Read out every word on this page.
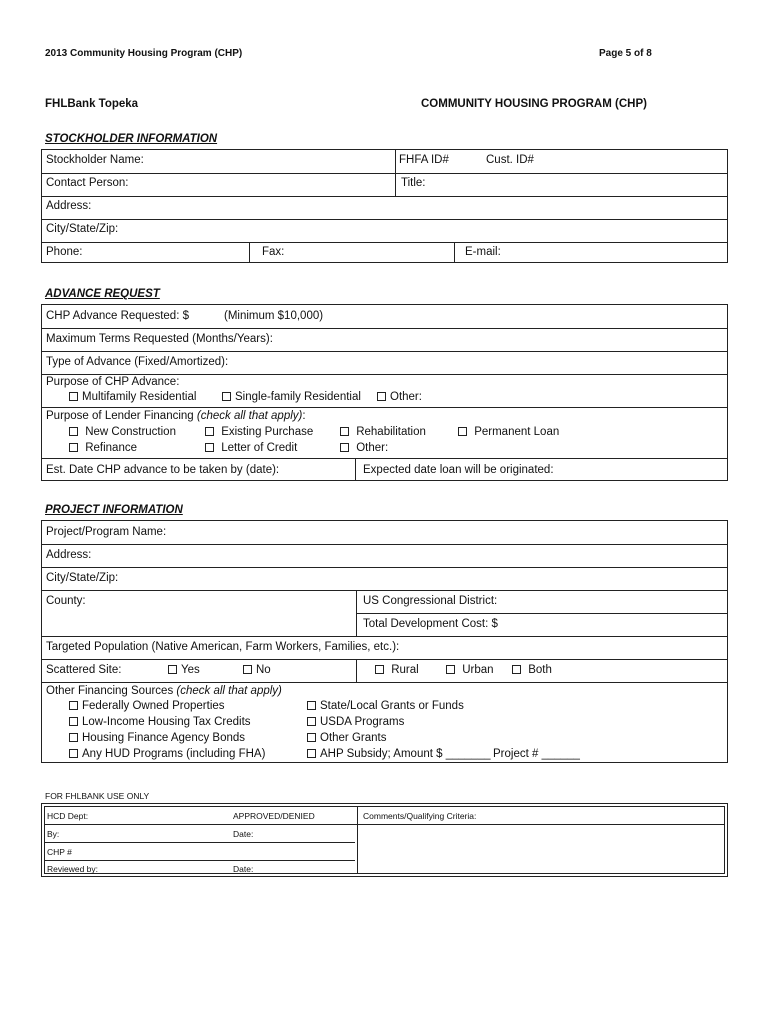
2013 Community Housing Program (CHP)	Page 5 of 8
FHLBank Topeka	COMMUNITY HOUSING PROGRAM (CHP)
STOCKHOLDER INFORMATION
Stockholder Name:	FHFA ID#	Cust. ID#
Contact Person:	Title:
Address:
City/State/Zip:
Phone:	Fax:	E-mail:
ADVANCE REQUEST
CHP Advance Requested: $	(Minimum $10,000)
Maximum Terms Requested (Months/Years):
Type of Advance (Fixed/Amortized):
Purpose of CHP Advance:
Multifamily Residential	Single-family Residential	Other:
Purpose of Lender Financing (check all that apply):
New Construction	Existing Purchase	Rehabilitation	Permanent Loan
Refinance	Letter of Credit	Other:
Est. Date CHP advance to be taken by (date):	Expected date loan will be originated:
PROJECT INFORMATION
Project/Program Name:
Address:
City/State/Zip:
County:	US Congressional District:
Total Development Cost: $
Targeted Population (Native American, Farm Workers, Families, etc.):
Scattered Site:	Yes	No	Rural	Urban	Both
Other Financing Sources (check all that apply)
Federally Owned Properties
Low-Income Housing Tax Credits
Housing Finance Agency Bonds
Any HUD Programs (including FHA)
State/Local Grants or Funds
USDA Programs
Other Grants
AHP Subsidy; Amount $ _______ Project # ______
FOR FHLBANK USE ONLY
HCD Dept:	APPROVED/DENIED	Comments/Qualifying Criteria:
By:	Date:
CHP #
Reviewed by:	Date:
